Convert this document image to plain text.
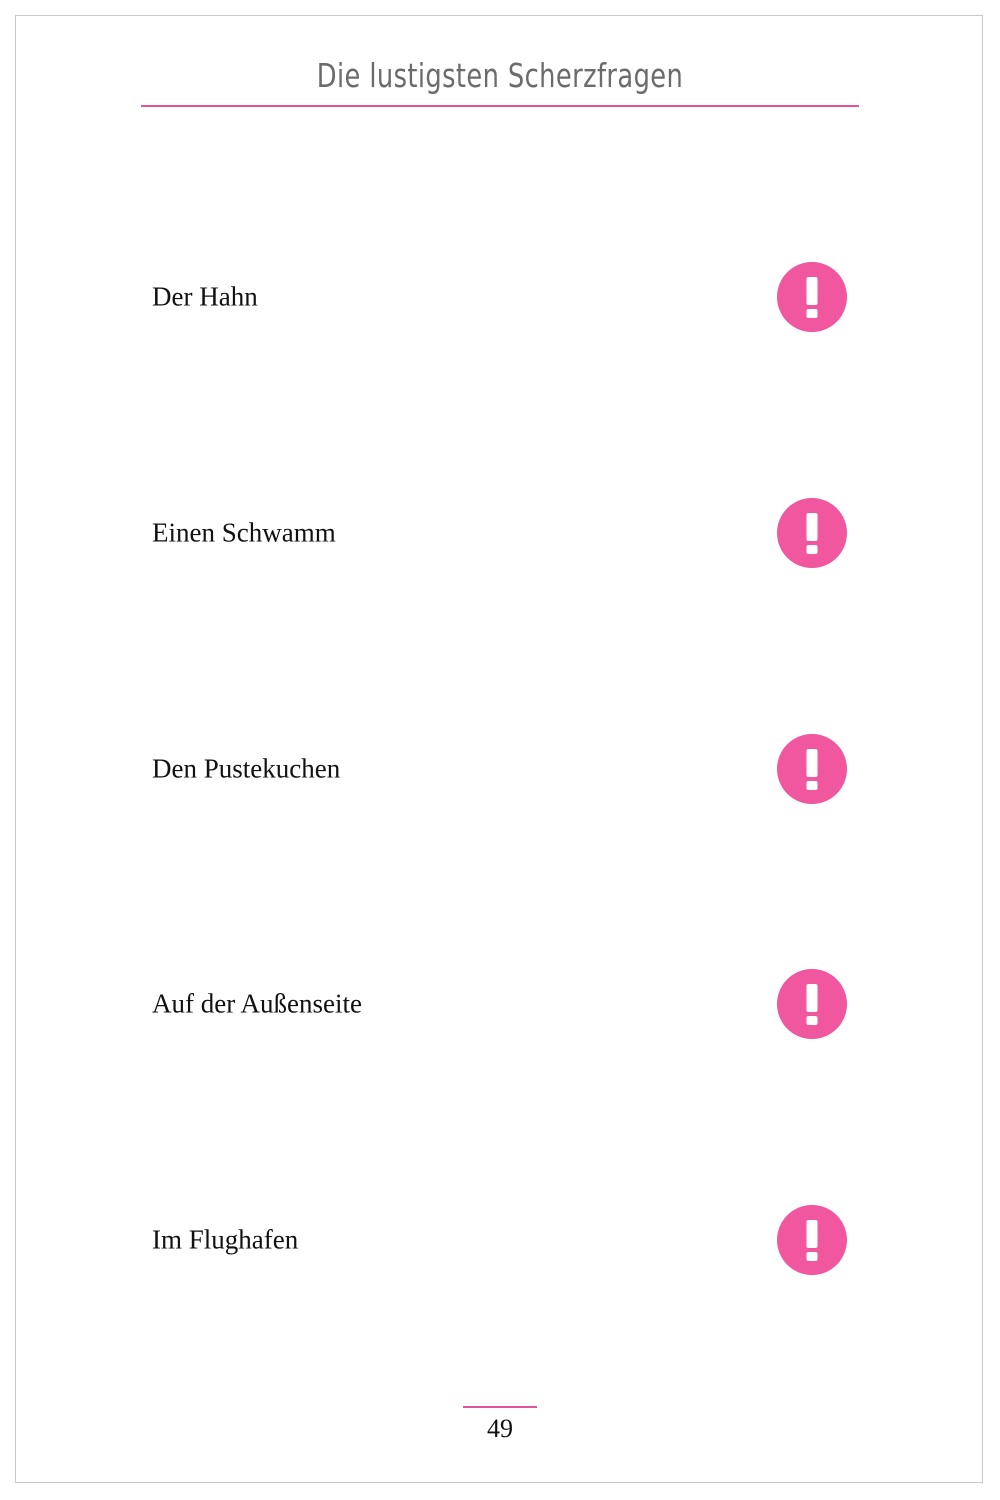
Die lustigsten Scherzfragen
Der Hahn
Einen Schwamm
Den Pustekuchen
Auf der Außenseite
Im Flughafen
49
